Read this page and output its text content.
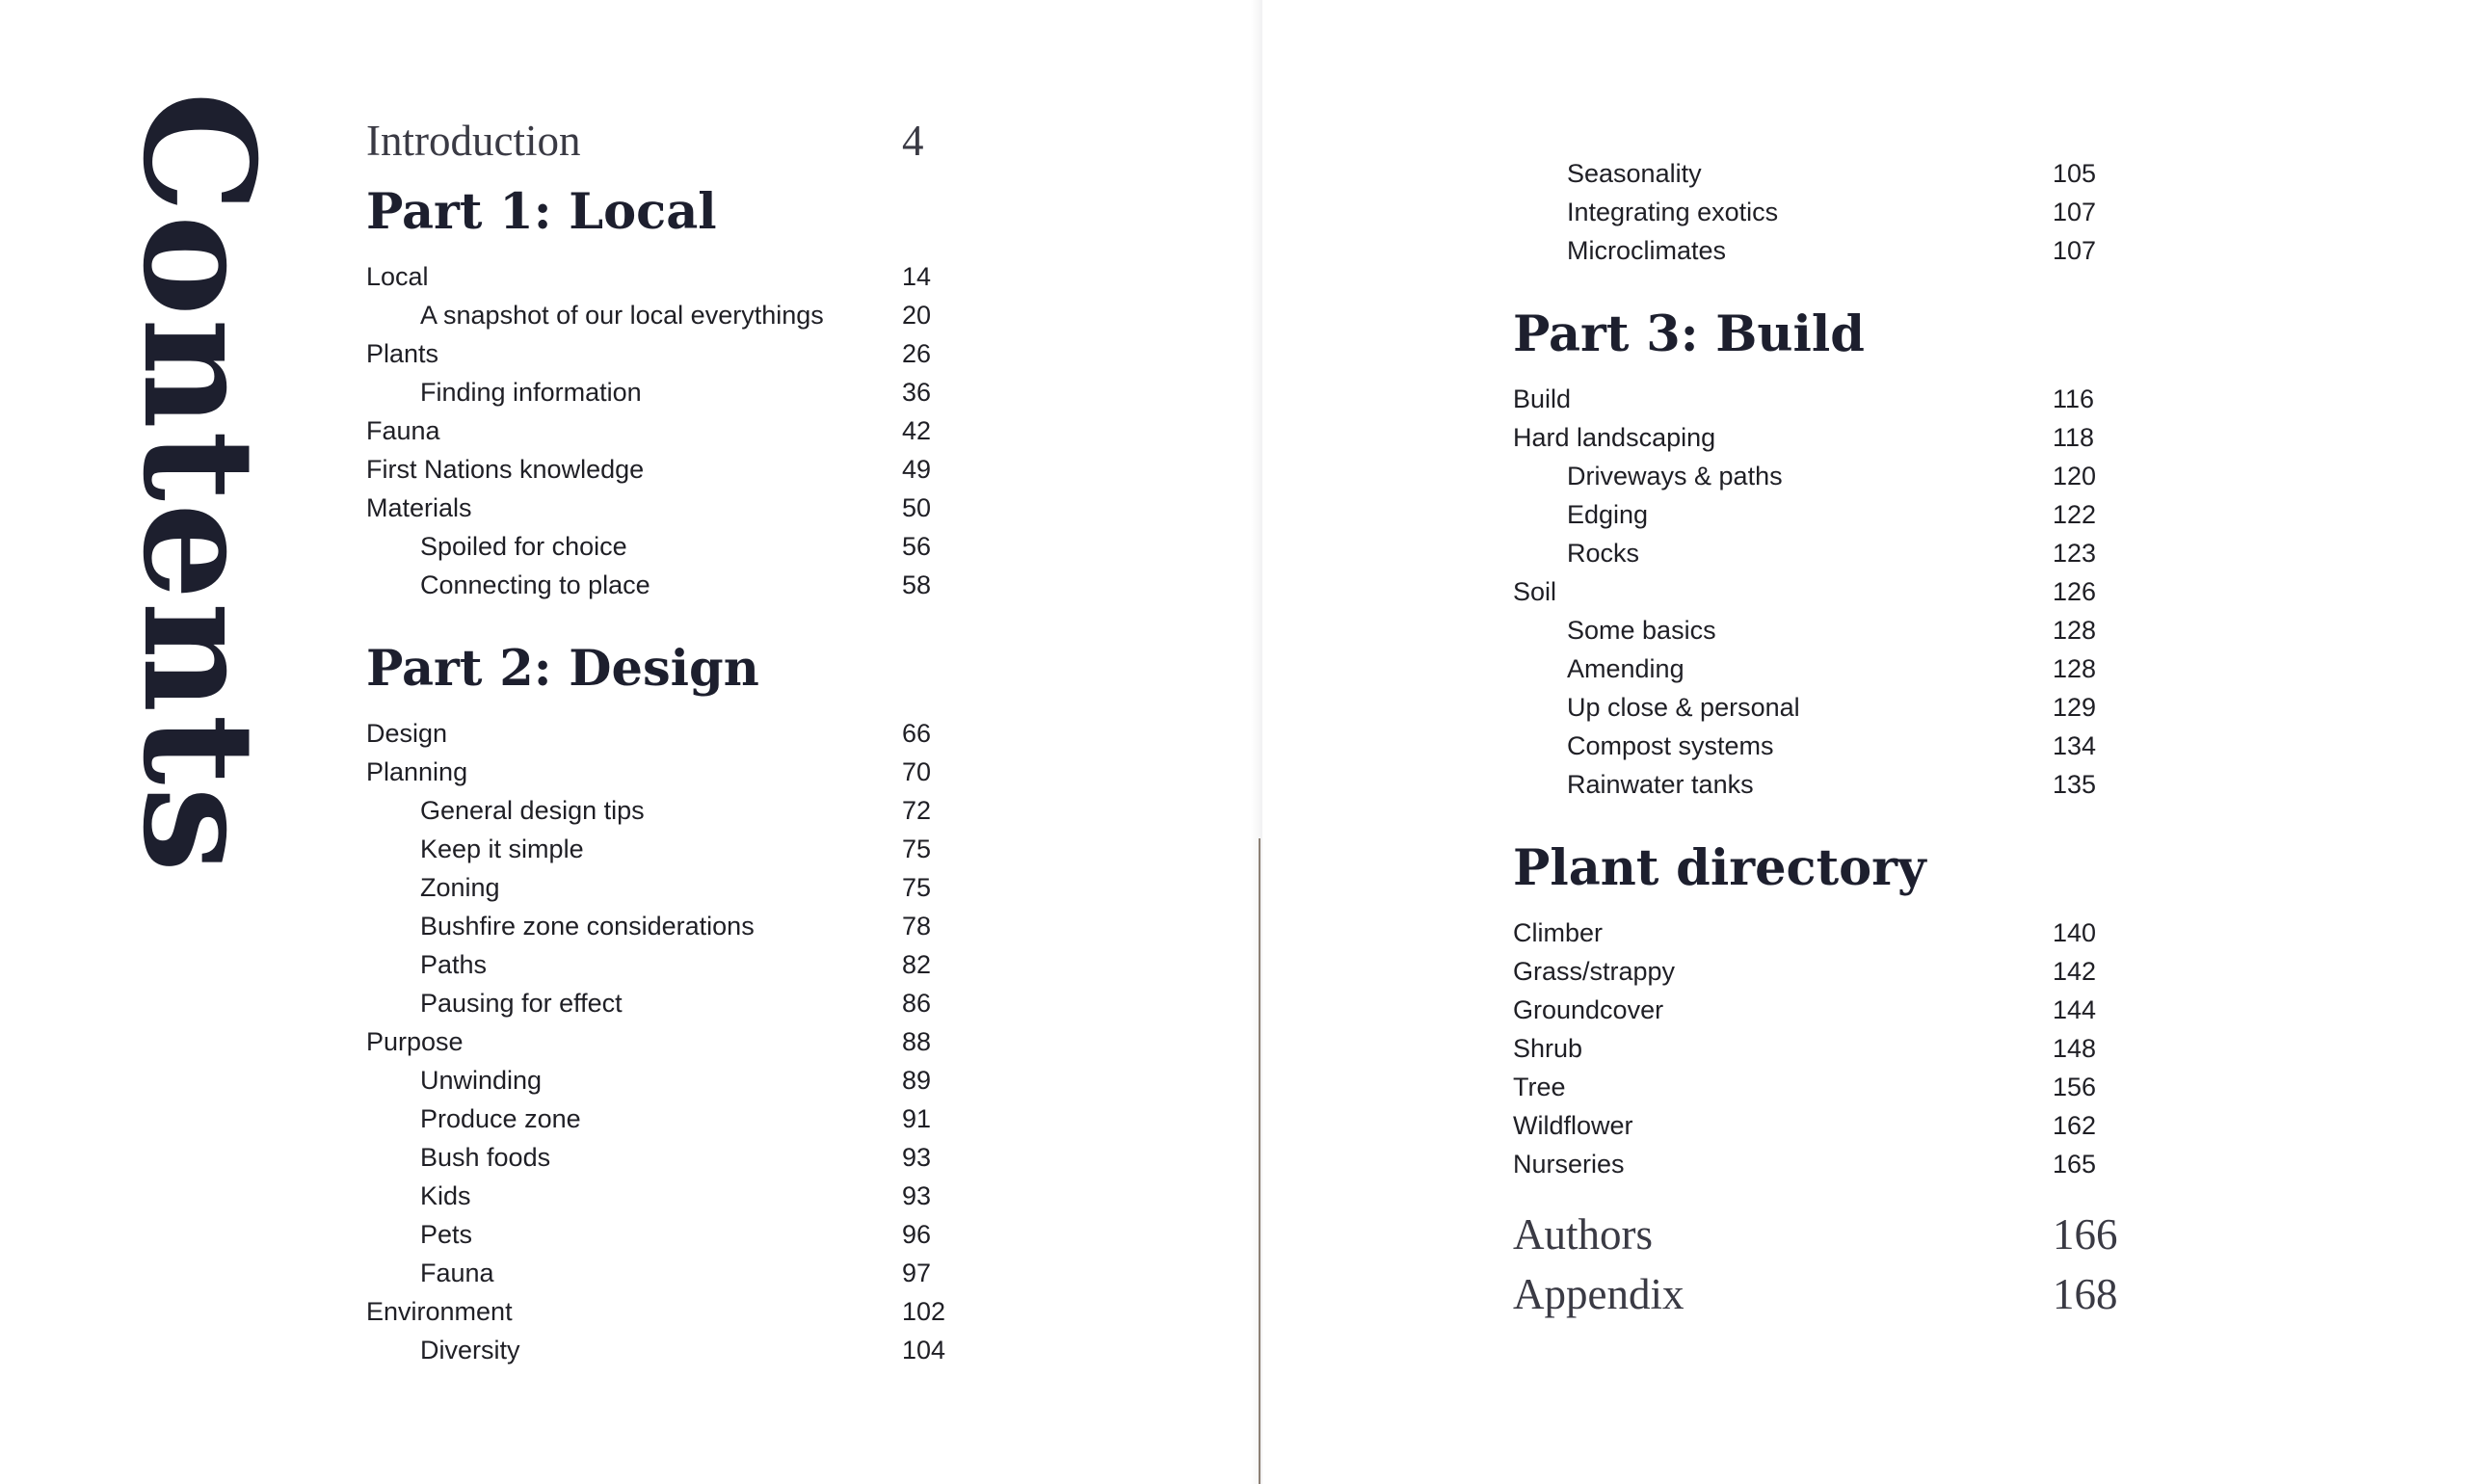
Contents Introduction	4
Part 1: Local
Local	14
A snapshot of our local everythings	20
Plants	26
Finding information	36
Fauna	42
First Nations knowledge	49
Materials	50
Spoiled for choice	56
Connecting to place	58
Part 2: Design
Design	66
Planning	70
General design tips	72
Keep it simple	75
Zoning	75
Bushfire zone considerations	78
Paths	82
Pausing for effect	86
Purpose	88
Unwinding	89
Produce zone	91
Bush foods	93
Kids	93
Pets	96
Fauna	97
Environment	102
Diversity	104
Seasonality	105
Integrating exotics	107
Microclimates	107
Part 3: Build
Build	116
Hard landscaping	118
Driveways & paths	120
Edging	122
Rocks	123
Soil	126
Some basics	128
Amending	128
Up close & personal	129
Compost systems	134
Rainwater tanks	135
Plant directory
Climber	140
Grass/strappy	142
Groundcover	144
Shrub	148
Tree	156
Wildflower	162
Nurseries	165
Authors	166
Appendix	168
